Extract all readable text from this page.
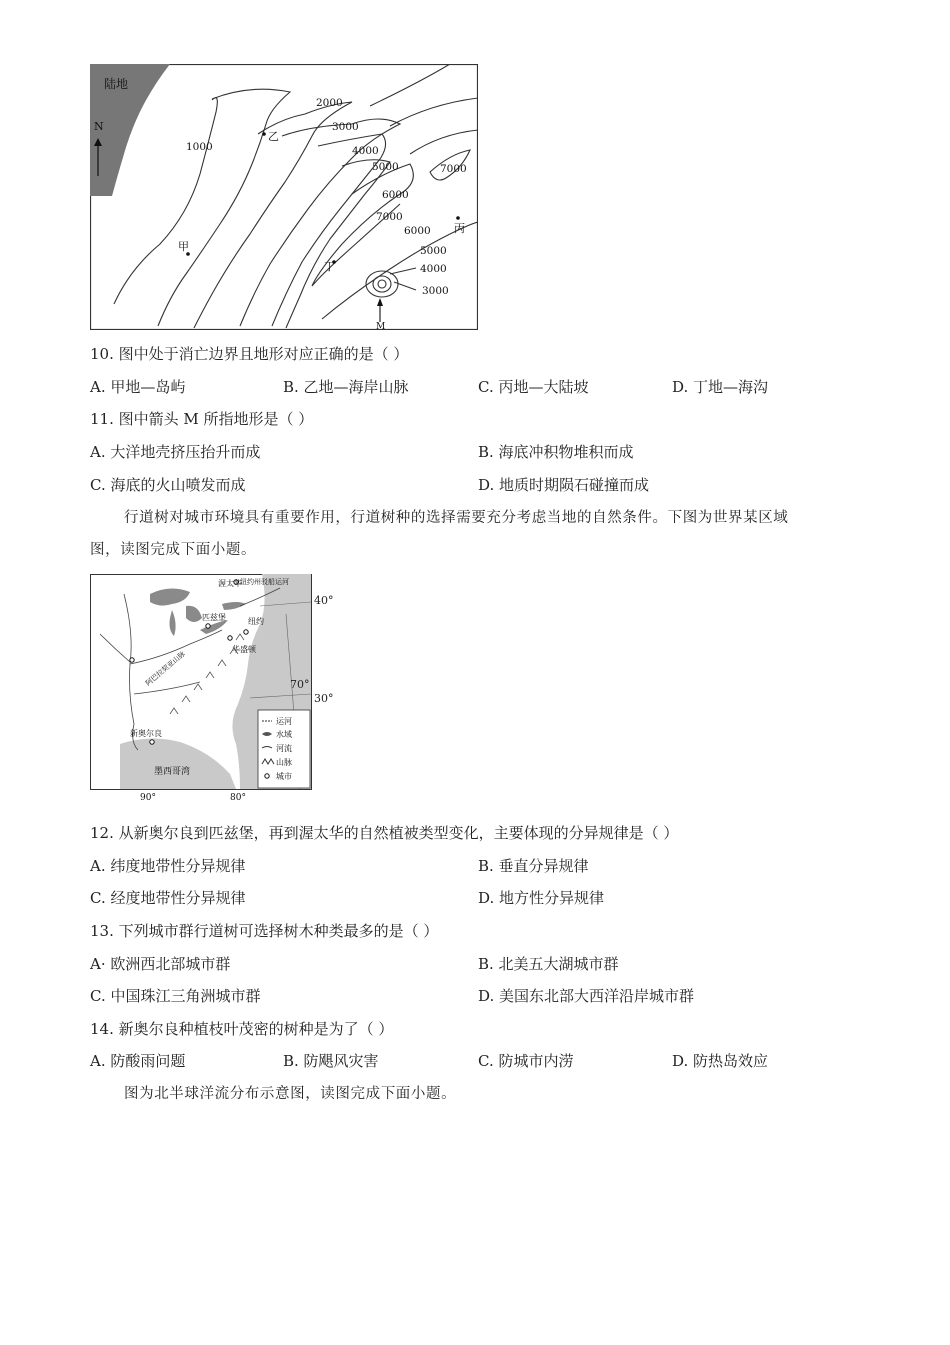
陆地
N
1000
2000
3000
4000
5000
6000
7000
7000
6000
5000
4000
3000
乙
甲
丙
丁
M
10. 图中处于消亡边界且地形对应正确的是（ ）
A. 甲地—岛屿	B. 乙地—海岸山脉	C. 丙地—大陆坡	D. 丁地—海沟
11. 图中箭头 M 所指地形是（ ）
A. 大洋地壳挤压抬升而成	B. 海底冲积物堆积而成
C. 海底的火山喷发而成	D. 地质时期陨石碰撞而成
行道树对城市环境具有重要作用，行道树种的选择需要充分考虑当地的自然条件。下图为世界某区域
图，读图完成下面小题。
渥太华
匹兹堡	纽约
华盛顿
新奥尔良
纽约州驳船运河
阿巴拉契亚山脉
墨西哥湾
运河
水域
河流
山脉
城市
90°	80°
40°
30°
70°
12. 从新奥尔良到匹兹堡，再到渥太华的自然植被类型变化，主要体现的分异规律是（ ）
A. 纬度地带性分异规律	B. 垂直分异规律
C. 经度地带性分异规律	D. 地方性分异规律
13. 下列城市群行道树可选择树木种类最多的是（ ）
A· 欧洲西北部城市群	B. 北美五大湖城市群
C. 中国珠江三角洲城市群	D. 美国东北部大西洋沿岸城市群
14. 新奥尔良种植枝叶茂密的树种是为了（ ）
A. 防酸雨问题	B. 防飓风灾害	C. 防城市内涝	D. 防热岛效应
图为北半球洋流分布示意图，读图完成下面小题。
